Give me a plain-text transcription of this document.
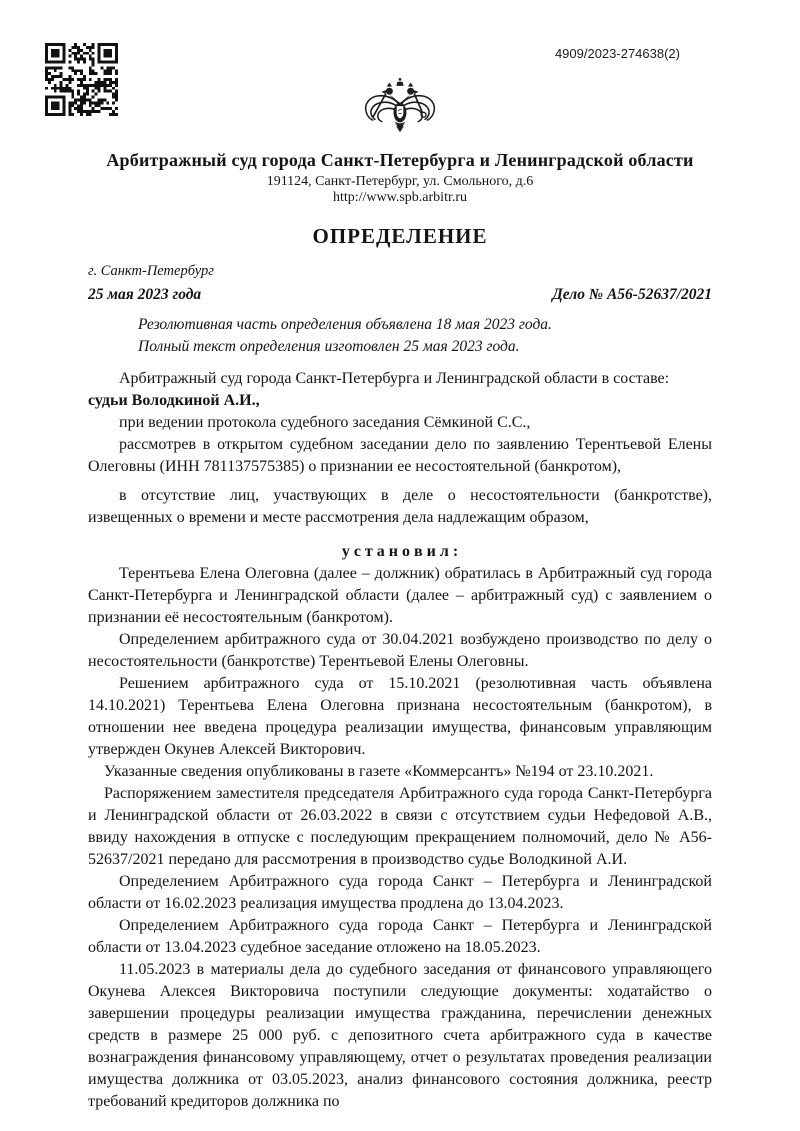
4909/2023-274638(2)
Арбитражный суд города Санкт-Петербурга и Ленинградской области
191124, Санкт-Петербург, ул. Смольного, д.6
http://www.spb.arbitr.ru
ОПРЕДЕЛЕНИЕ
г. Санкт-Петербург
25 мая 2023 года	Дело № А56-52637/2021

Резолютивная часть определения объявлена 18 мая 2023 года.

Полный текст определения изготовлен 25 мая 2023 года.

Арбитражный суд города Санкт-Петербурга и Ленинградской области в составе:

судьи Володкиной А.И.,

при ведении протокола судебного заседания Сёмкиной С.С.,

рассмотрев в открытом судебном заседании дело по заявлению Терентьевой Елены Олеговны (ИНН 781137575385) о признании ее несостоятельной (банкротом),

в отсутствие лиц, участвующих в деле о несостоятельности (банкротстве), извещенных о времени и месте рассмотрения дела надлежащим образом,

у с т а н о в и л :

Терентьева Елена Олеговна (далее – должник) обратилась в Арбитражный суд города Санкт-Петербурга и Ленинградской области (далее – арбитражный суд) с заявлением о признании её несостоятельным (банкротом).

Определением арбитражного суда от 30.04.2021 возбуждено производство по делу о несостоятельности (банкротстве) Терентьевой Елены Олеговны.

Решением арбитражного суда от 15.10.2021 (резолютивная часть объявлена 14.10.2021) Терентьева Елена Олеговна признана несостоятельным (банкротом), в отношении нее введена процедура реализации имущества, финансовым управляющим утвержден Окунев Алексей Викторович.

Указанные сведения опубликованы в газете «Коммерсантъ» №194 от 23.10.2021.

Распоряжением заместителя председателя Арбитражного суда города Санкт-Петербурга и Ленинградской области от 26.03.2022 в связи с отсутствием судьи Нефедовой А.В., ввиду нахождения в отпуске с последующим прекращением полномочий, дело № А56-52637/2021 передано для рассмотрения в производство судье Володкиной А.И.

Определением Арбитражного суда города Санкт – Петербурга и Ленинградской области от 16.02.2023 реализация имущества продлена до 13.04.2023.

Определением Арбитражного суда города Санкт – Петербурга и Ленинградской области от 13.04.2023 судебное заседание отложено на 18.05.2023.

11.05.2023 в материалы дела до судебного заседания от финансового управляющего Окунева Алексея Викторовича поступили следующие документы: ходатайство о завершении процедуры реализации имущества гражданина, перечислении денежных средств в размере 25 000 руб. с депозитного счета арбитражного суда в качестве вознаграждения финансовому управляющему, отчет о результатах проведения реализации имущества должника от 03.05.2023, анализ финансового состояния должника, реестр требований кредиторов должника по
